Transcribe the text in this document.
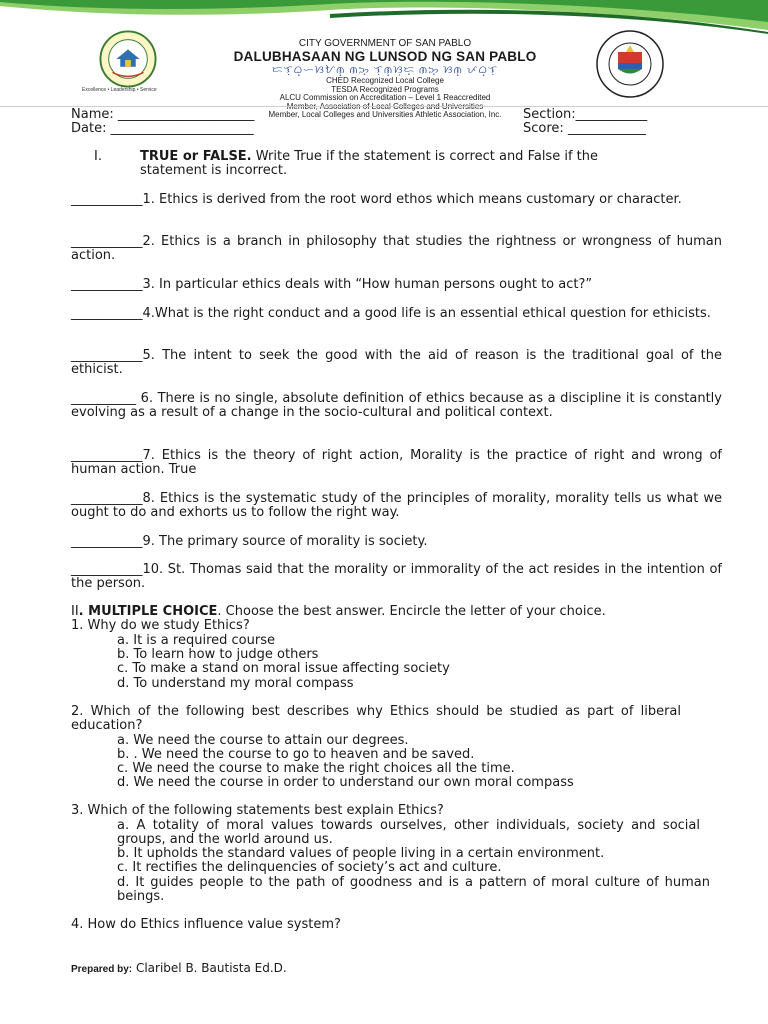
Excellence • Leadership • Service
CITY GOVERNMENT OF SAN PABLO
DALUBHASAAN NG LUNSOD NG SAN PABLO
ᜇᜎᜓᜊ᜔ᜑᜐᜀᜈ᜔ ᜈᜅ᜔ ᜎᜓᜈ᜔ᜐᜓᜇ᜔ ᜈᜅ᜔ ᜐᜈ᜔ ᜉᜊ᜔ᜎᜓ
CHED Recognized Local College
TESDA Recognized Programs
ALCU Commission on Accreditation – Level 1 Reaccredited
Member, Local Colleges and Universities Athletic Association, Inc.
Name: _____________________
Date: ______________________
Section:___________
Score: ____________
I.	TRUE or FALSE. Write True if the statement is correct and False if the
statement is incorrect.
___________1. Ethics is derived from the root word ethos which means customary or character.
___________2. Ethics is a branch in philosophy that studies the rightness or wrongness of human action.
___________3. In particular ethics deals with “How human persons ought to act?”
___________4.What is the right conduct and a good life is an essential ethical question for ethicists.
___________5. The intent to seek the good with the aid of reason is the traditional goal of the ethicist.
__________ 6. There is no single, absolute definition of ethics because as a discipline it is constantly evolving as a result of a change in the socio-cultural and political context.
___________7. Ethics is the theory of right action, Morality is the practice of right and wrong of human action. True
___________8. Ethics is the systematic study of the principles of morality, morality tells us what we ought to do and exhorts us to follow the right way.
___________9. The primary source of morality is society.
___________10. St. Thomas said that the morality or immorality of the act resides in the intention of the person.
II. MULTIPLE CHOICE. Choose the best answer. Encircle the letter of your choice.
1. Why do we study Ethics?
a. It is a required course
b. To learn how to judge others
c. To make a stand on moral issue affecting society
d. To understand my moral compass
2. Which of the following best describes why Ethics should be studied as part of liberal education?
a. We need the course to attain our degrees.
b. . We need the course to go to heaven and be saved.
c. We need the course to make the right choices all the time.
d. We need the course in order to understand our own moral compass
3. Which of the following statements best explain Ethics?
a. A totality of moral values towards ourselves, other individuals, society and social groups, and the world around us.
b. It upholds the standard values of people living in a certain environment.
c. It rectifies the delinquencies of society’s act and culture.
d. It guides people to the path of goodness and is a pattern of moral culture of human beings.
4. How do Ethics influence value system?
Prepared by: Claribel B. Bautista Ed.D.
